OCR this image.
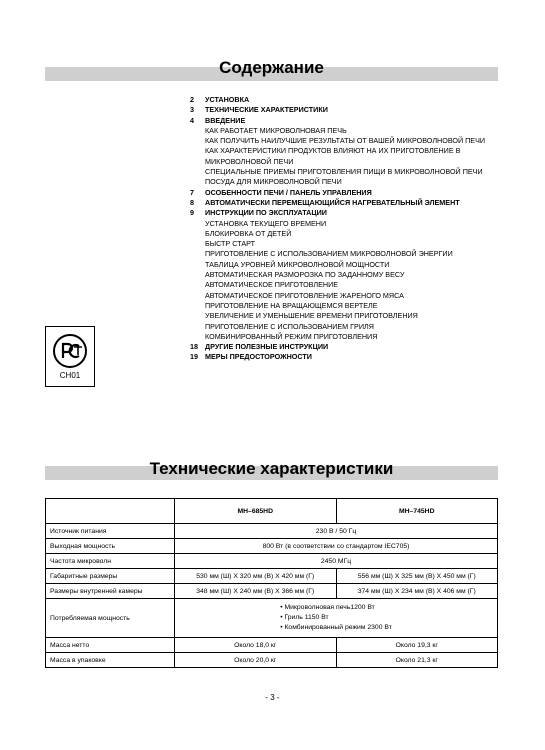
Содержание
2	УСТАНОВКА
3	ТЕХНИЧЕСКИЕ ХАРАКТЕРИСТИКИ
4	ВВЕДЕНИЕ
КАК РАБОТАЕТ МИКРОВОЛНОВАЯ ПЕЧЬ
КАК ПОЛУЧИТЬ НАИЛУЧШИЕ РЕЗУЛЬТАТЫ ОТ ВАШЕЙ МИКРОВОЛНОВОЙ ПЕЧИ
КАК ХАРАКТЕРИСТИКИ ПРОДУКТОВ ВЛИЯЮТ НА ИХ ПРИГОТОВЛЕНИЕ В МИКРОВОЛНОВОЙ ПЕЧИ
СПЕЦИАЛЬНЫЕ ПРИЕМЫ ПРИГОТОВЛЕНИЯ ПИЩИ В МИКРОВОЛНОВОЙ ПЕЧИ
ПОСУДА ДЛЯ МИКРОВОЛНОВОЙ ПЕЧИ
7	ОСОБЕННОСТИ ПЕЧИ / ПАНЕЛЬ УПРАВЛЕНИЯ
8	АВТОМАТИЧЕСКИ ПЕРЕМЕЩАЮЩИЙСЯ НАГРЕВАТЕЛЬНЫЙ ЭЛЕМЕНТ
9	ИНСТРУКЦИИ ПО ЭКСПЛУАТАЦИИ
УСТАНОВКА ТЕКУЩЕГО ВРЕМЕНИ
БЛОКИРОВКА ОТ ДЕТЕЙ
БЫСТР СТАРТ
ПРИГОТОВЛЕНИЕ С ИСПОЛЬЗОВАНИЕМ МИКРОВОЛНОВОЙ ЭНЕРГИИ
ТАБЛИЦА УРОВНЕЙ МИКРОВОЛНОВОЙ МОЩНОСТИ
АВТОМАТИЧЕСКАЯ РАЗМОРОЗКА ПО ЗАДАННОМУ ВЕСУ
АВТОМАТИЧЕСКОЕ ПРИГОТОВЛЕНИЕ
АВТОМАТИЧЕСКОЕ ПРИГОТОВЛЕНИЕ ЖАРЕНОГО МЯСА
ПРИГОТОВЛЕНИЕ НА ВРАЩАЮЩЕМСЯ ВЕРТЕЛЕ
УВЕЛИЧЕНИЕ И УМЕНЬШЕНИЕ ВРЕМЕНИ ПРИГОТОВЛЕНИЯ
ПРИГОТОВЛЕНИЕ С ИСПОЛЬЗОВАНИЕМ ГРИЛЯ
КОМБИНИРОВАННЫЙ РЕЖИМ ПРИГОТОВЛЕНИЯ
18 ДРУГИЕ ПОЛЕЗНЫЕ ИНСТРУКЦИИ
19 МЕРЫ ПРЕДОСТОРОЖНОСТИ
CH01
Технические характеристики
	MH–685HD	MH–745HD
Источник питания	230 В / 50 Гц	
Выходная мощность	800 Вт (в соответствии со стандартом IEC705)	
Частота микроволн	2450 МГц	
Габаритные размеры	530 мм (Ш) X 320 мм (В) X 420 мм (Г)	556 мм (Ш) X 325 мм (В) X 450 мм (Г)
Размеры внутренней камеры	348 мм (Ш) X 240 мм (В) X 366 мм (Г)	374 мм (Ш) X 234 мм (В) X 406 мм (Г)
Потребляемая мощность	• Микроволновая печь1200 Вт
• Гриль 1150 Вт
• Комбинированный режим 2300 Вт	

Масса нетто	Около 18,0 кг	Около 19,3 кг
Масса в упаковке	Около 20,0 кг	Около 21,3 кг
- 3 -
